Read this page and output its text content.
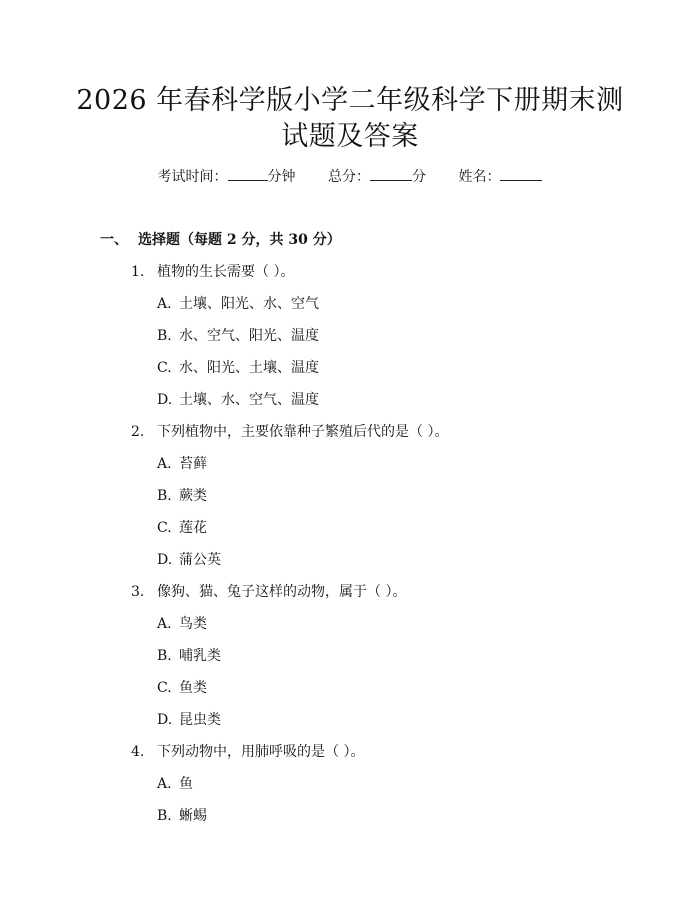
2026 年春科学版小学二年级科学下册期末测
试题及答案
考试时间：	分钟 总分：	分 姓名：
一、 选择题（每题 2 分，共 30 分）
1. 植物的生长需要（ ）。
A. 土壤、阳光、水、空气
B. 水、空气、阳光、温度
C. 水、阳光、土壤、温度
D. 土壤、水、空气、温度
2. 下列植物中，主要依靠种子繁殖后代的是（ ）。
A. 苔藓
B. 蕨类
C. 莲花
D. 蒲公英
3. 像狗、猫、兔子这样的动物，属于（ ）。
A. 鸟类
B. 哺乳类
C. 鱼类
D. 昆虫类
4. 下列动物中，用肺呼吸的是（ ）。
A. 鱼
B. 蜥蜴
